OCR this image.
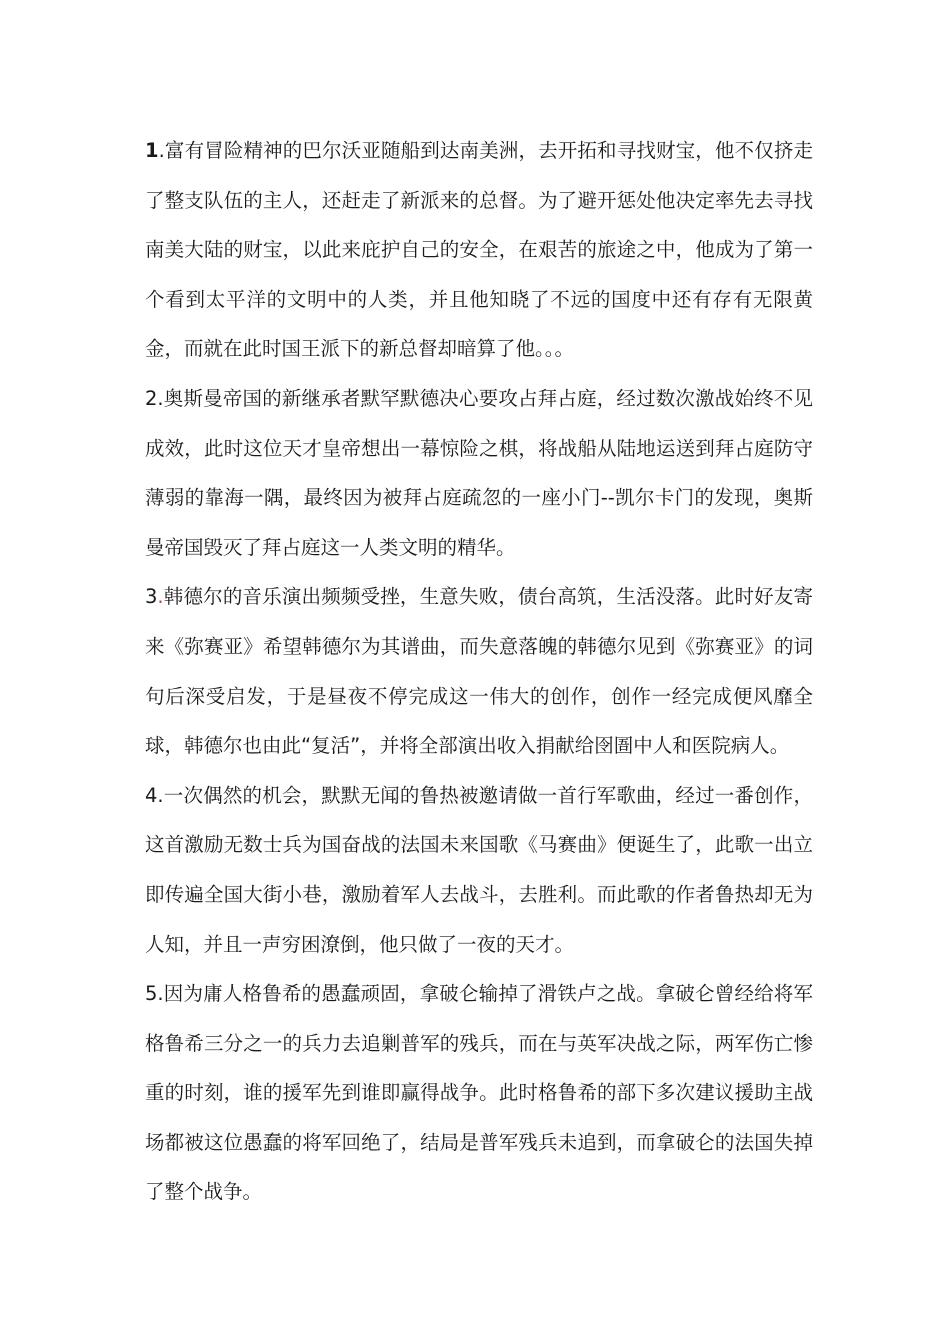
1.富有冒险精神的巴尔沃亚随船到达南美洲，去开拓和寻找财宝，他不仅挤走了整支队伍的主人，还赶走了新派来的总督。为了避开惩处他决定率先去寻找南美大陆的财宝，以此来庇护自己的安全，在艰苦的旅途之中，他成为了第一个看到太平洋的文明中的人类，并且他知晓了不远的国度中还有存有无限黄金，而就在此时国王派下的新总督却暗算了他。。。

2.奥斯曼帝国的新继承者默罕默德决心要攻占拜占庭，经过数次激战始终不见成效，此时这位天才皇帝想出一幕惊险之棋，将战船从陆地运送到拜占庭防守薄弱的靠海一隅，最终因为被拜占庭疏忽的一座小门--凯尔卡门的发现，奥斯曼帝国毁灭了拜占庭这一人类文明的精华。

3.韩德尔的音乐演出频频受挫，生意失败，债台高筑，生活没落。此时好友寄来《弥赛亚》希望韩德尔为其谱曲，而失意落魄的韩德尔见到《弥赛亚》的词句后深受启发，于是昼夜不停完成这一伟大的创作，创作一经完成便风靡全球，韩德尔也由此“复活”，并将全部演出收入捐献给囹圄中人和医院病人。

4.一次偶然的机会，默默无闻的鲁热被邀请做一首行军歌曲，经过一番创作，这首激励无数士兵为国奋战的法国未来国歌《马赛曲》便诞生了，此歌一出立即传遍全国大街小巷，激励着军人去战斗，去胜利。而此歌的作者鲁热却无为人知，并且一声穷困潦倒，他只做了一夜的天才。

5.因为庸人格鲁希的愚蠢顽固，拿破仑输掉了滑铁卢之战。拿破仑曾经给将军格鲁希三分之一的兵力去追剿普军的残兵，而在与英军决战之际，两军伤亡惨重的时刻，谁的援军先到谁即赢得战争。此时格鲁希的部下多次建议援助主战场都被这位愚蠢的将军回绝了，结局是普军残兵未追到，而拿破仑的法国失掉了整个战争。
